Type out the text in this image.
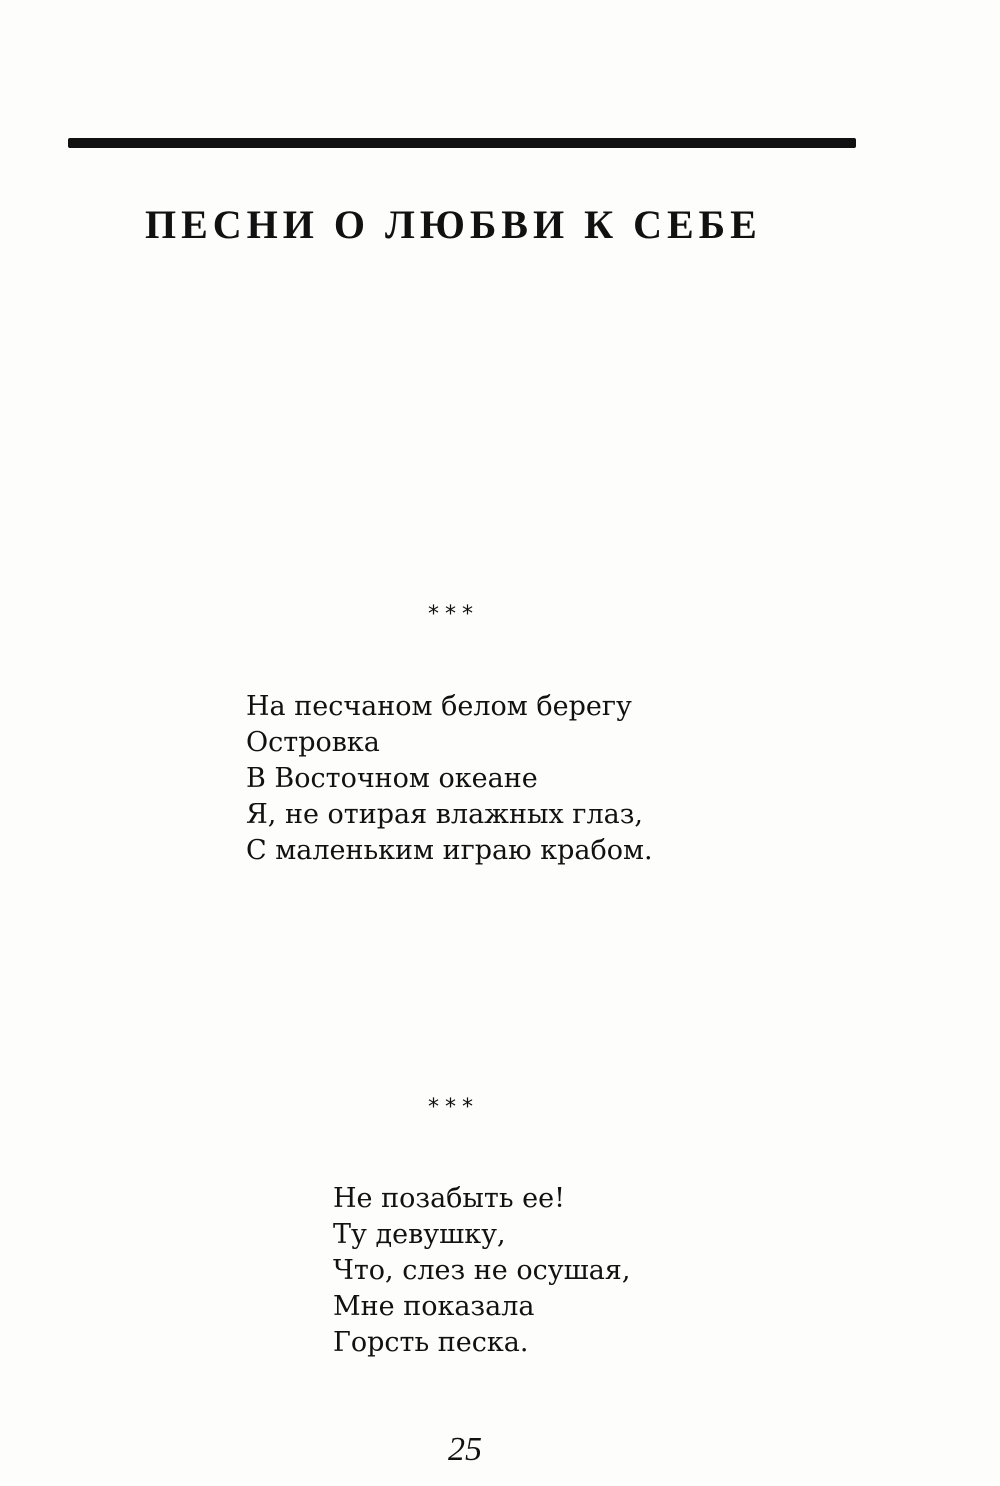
ПЕСНИ О ЛЮБВИ К СЕБЕ
***
На песчаном белом берегу
Островка
В Восточном океане
Я, не отирая влажных глаз,
С маленьким играю крабом.
***
Не позабыть ее!
Ту девушку,
Что, слез не осушая,
Мне показала
Горсть песка.
25
